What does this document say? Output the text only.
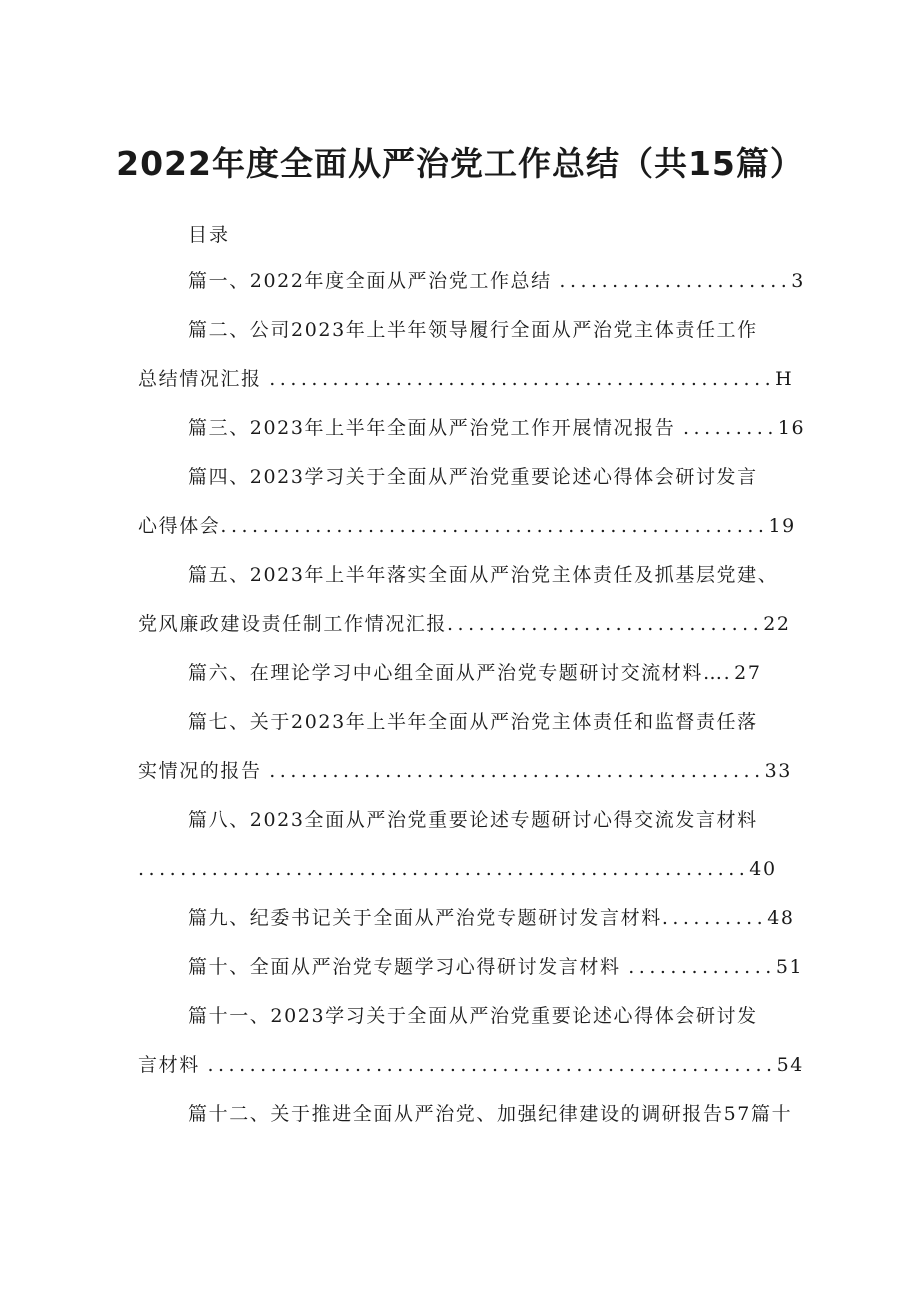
2022年度全面从严治党工作总结（共15篇）
目录
篇一、2022年度全面从严治党工作总结 ......................3
篇二、公司2023年上半年领导履行全面从严治党主体责任工作
总结情况汇报 ................................................H
篇三、2023年上半年全面从严治党工作开展情况报告 .........16
篇四、2023学习关于全面从严治党重要论述心得体会研讨发言
心得体会....................................................19
篇五、2023年上半年落实全面从严治党主体责任及抓基层党建、
党风廉政建设责任制工作情况汇报..............................22
篇六、在理论学习中心组全面从严治党专题研讨交流材料….27
篇七、关于2023年上半年全面从严治党主体责任和监督责任落
实情况的报告 ...............................................33
篇八、2023全面从严治党重要论述专题研讨心得交流发言材料
..........................................................40
篇九、纪委书记关于全面从严治党专题研讨发言材料..........48
篇十、全面从严治党专题学习心得研讨发言材料 ..............51
篇十一、2023学习关于全面从严治党重要论述心得体会研讨发
言材料 ......................................................54
篇十二、关于推进全面从严治党、加强纪律建设的调研报告57篇十
